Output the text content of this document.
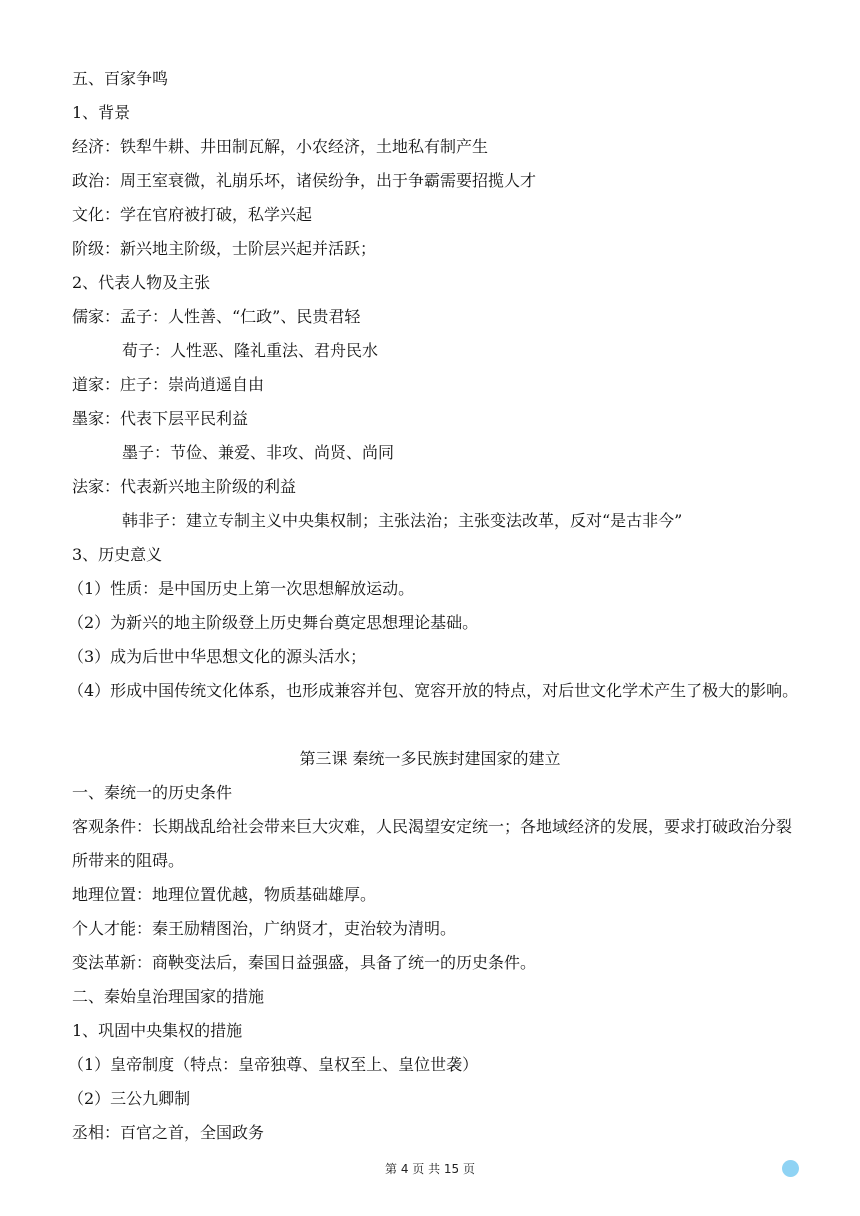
五、百家争鸣
1、背景
经济：铁犁牛耕、井田制瓦解，小农经济，土地私有制产生
政治：周王室衰微，礼崩乐坏，诸侯纷争，出于争霸需要招揽人才
文化：学在官府被打破，私学兴起
阶级：新兴地主阶级，士阶层兴起并活跃；
2、代表人物及主张
儒家：孟子：人性善、“仁政”、民贵君轻
荀子：人性恶、隆礼重法、君舟民水
道家：庄子：崇尚逍遥自由
墨家：代表下层平民利益
墨子：节俭、兼爱、非攻、尚贤、尚同
法家：代表新兴地主阶级的利益
韩非子：建立专制主义中央集权制；主张法治；主张变法改革，反对“是古非今”
3、历史意义
（1）性质：是中国历史上第一次思想解放运动。
（2）为新兴的地主阶级登上历史舞台奠定思想理论基础。
（3）成为后世中华思想文化的源头活水；
（4）形成中国传统文化体系，也形成兼容并包、宽容开放的特点，对后世文化学术产生了极大的影响。
第三课 秦统一多民族封建国家的建立
一、秦统一的历史条件
客观条件：长期战乱给社会带来巨大灾难，人民渴望安定统一；各地域经济的发展，要求打破政治分裂所带来的阻碍。
地理位置：地理位置优越，物质基础雄厚。
个人才能：秦王励精图治，广纳贤才，吏治较为清明。
变法革新：商鞅变法后，秦国日益强盛，具备了统一的历史条件。
二、秦始皇治理国家的措施
1、巩固中央集权的措施
（1）皇帝制度（特点：皇帝独尊、皇权至上、皇位世袭）
（2）三公九卿制
丞相：百官之首，全国政务
第 4 页 共 15 页
